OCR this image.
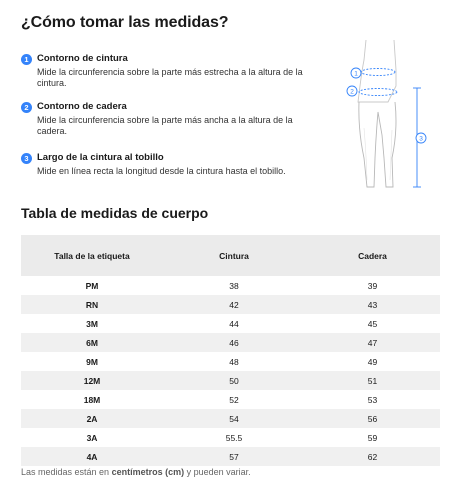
¿Cómo tomar las medidas?
1 Contorno de cintura
Mide la circunferencia sobre la parte más estrecha a la altura de la cintura.
2 Contorno de cadera
Mide la circunferencia sobre la parte más ancha a la altura de la cadera.
3 Largo de la cintura al tobillo
Mide en línea recta la longitud desde la cintura hasta el tobillo.
1
2
3
Tabla de medidas de cuerpo
Talla de la etiqueta	Cintura	Cadera
PM	38	39
RN	42	43
3M	44	45
6M	46	47
9M	48	49
12M	50	51
18M	52	53
2A	54	56
3A	55.5	59
4A	57	62
Las medidas están en centímetros (cm) y pueden variar.
